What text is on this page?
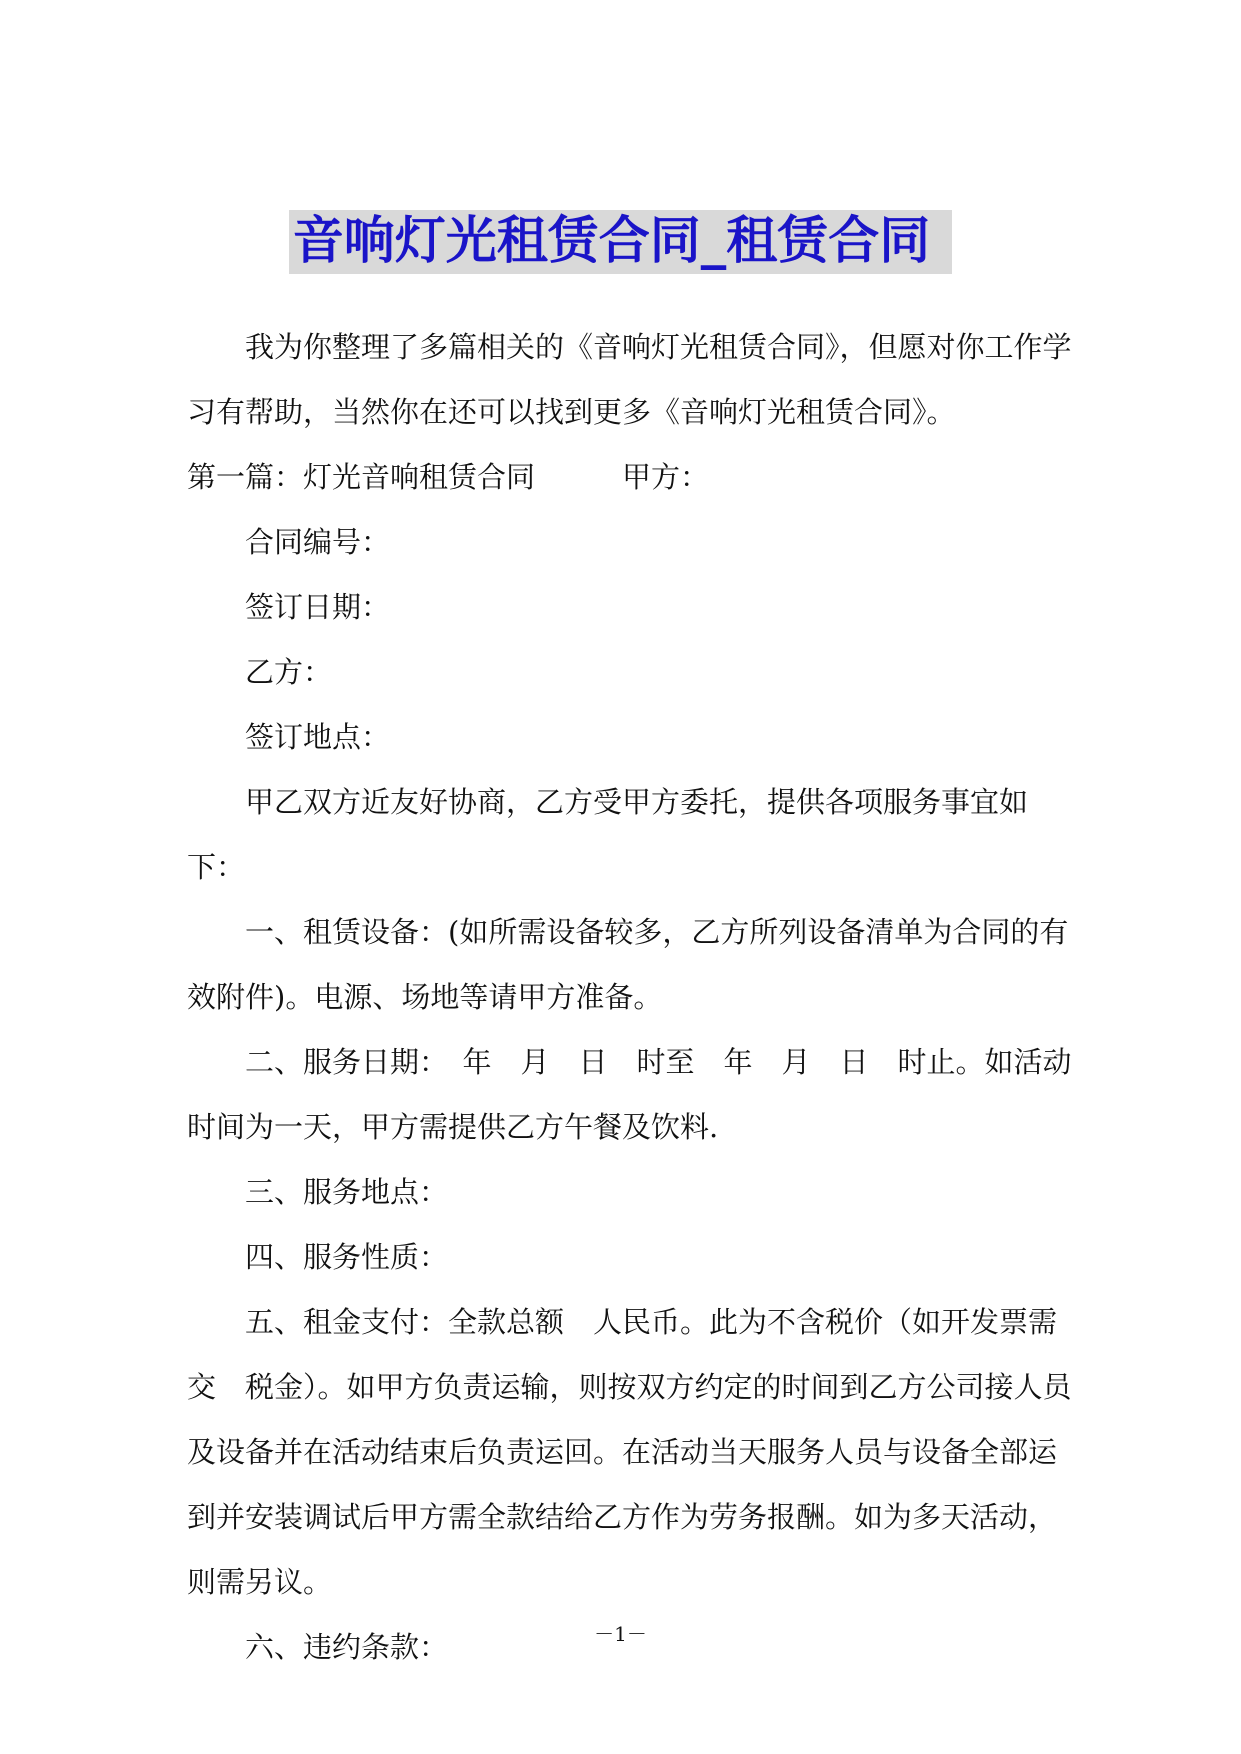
音响灯光租赁合同_租赁合同

我为你整理了多篇相关的《音响灯光租赁合同》，但愿对你工作学习有帮助，当然你在还可以找到更多《音响灯光租赁合同》。

第一篇：灯光音响租赁合同　　　甲方：

合同编号：

签订日期：

乙方：

签订地点：

甲乙双方近友好协商，乙方受甲方委托，提供各项服务事宜如下：

一、租赁设备：(如所需设备较多，乙方所列设备清单为合同的有效附件)。电源、场地等请甲方准备。

二、服务日期：　年　月　日　时至　年　月　日　时止。如活动时间为一天，甲方需提供乙方午餐及饮料.

三、服务地点：

四、服务性质：

五、租金支付：全款总额　人民币。此为不含税价（如开发票需交　税金）。如甲方负责运输，则按双方约定的时间到乙方公司接人员及设备并在活动结束后负责运回。在活动当天服务人员与设备全部运到并安装调试后甲方需全款结给乙方作为劳务报酬。如为多天活动，则需另议。

六、违约条款：	－1－
